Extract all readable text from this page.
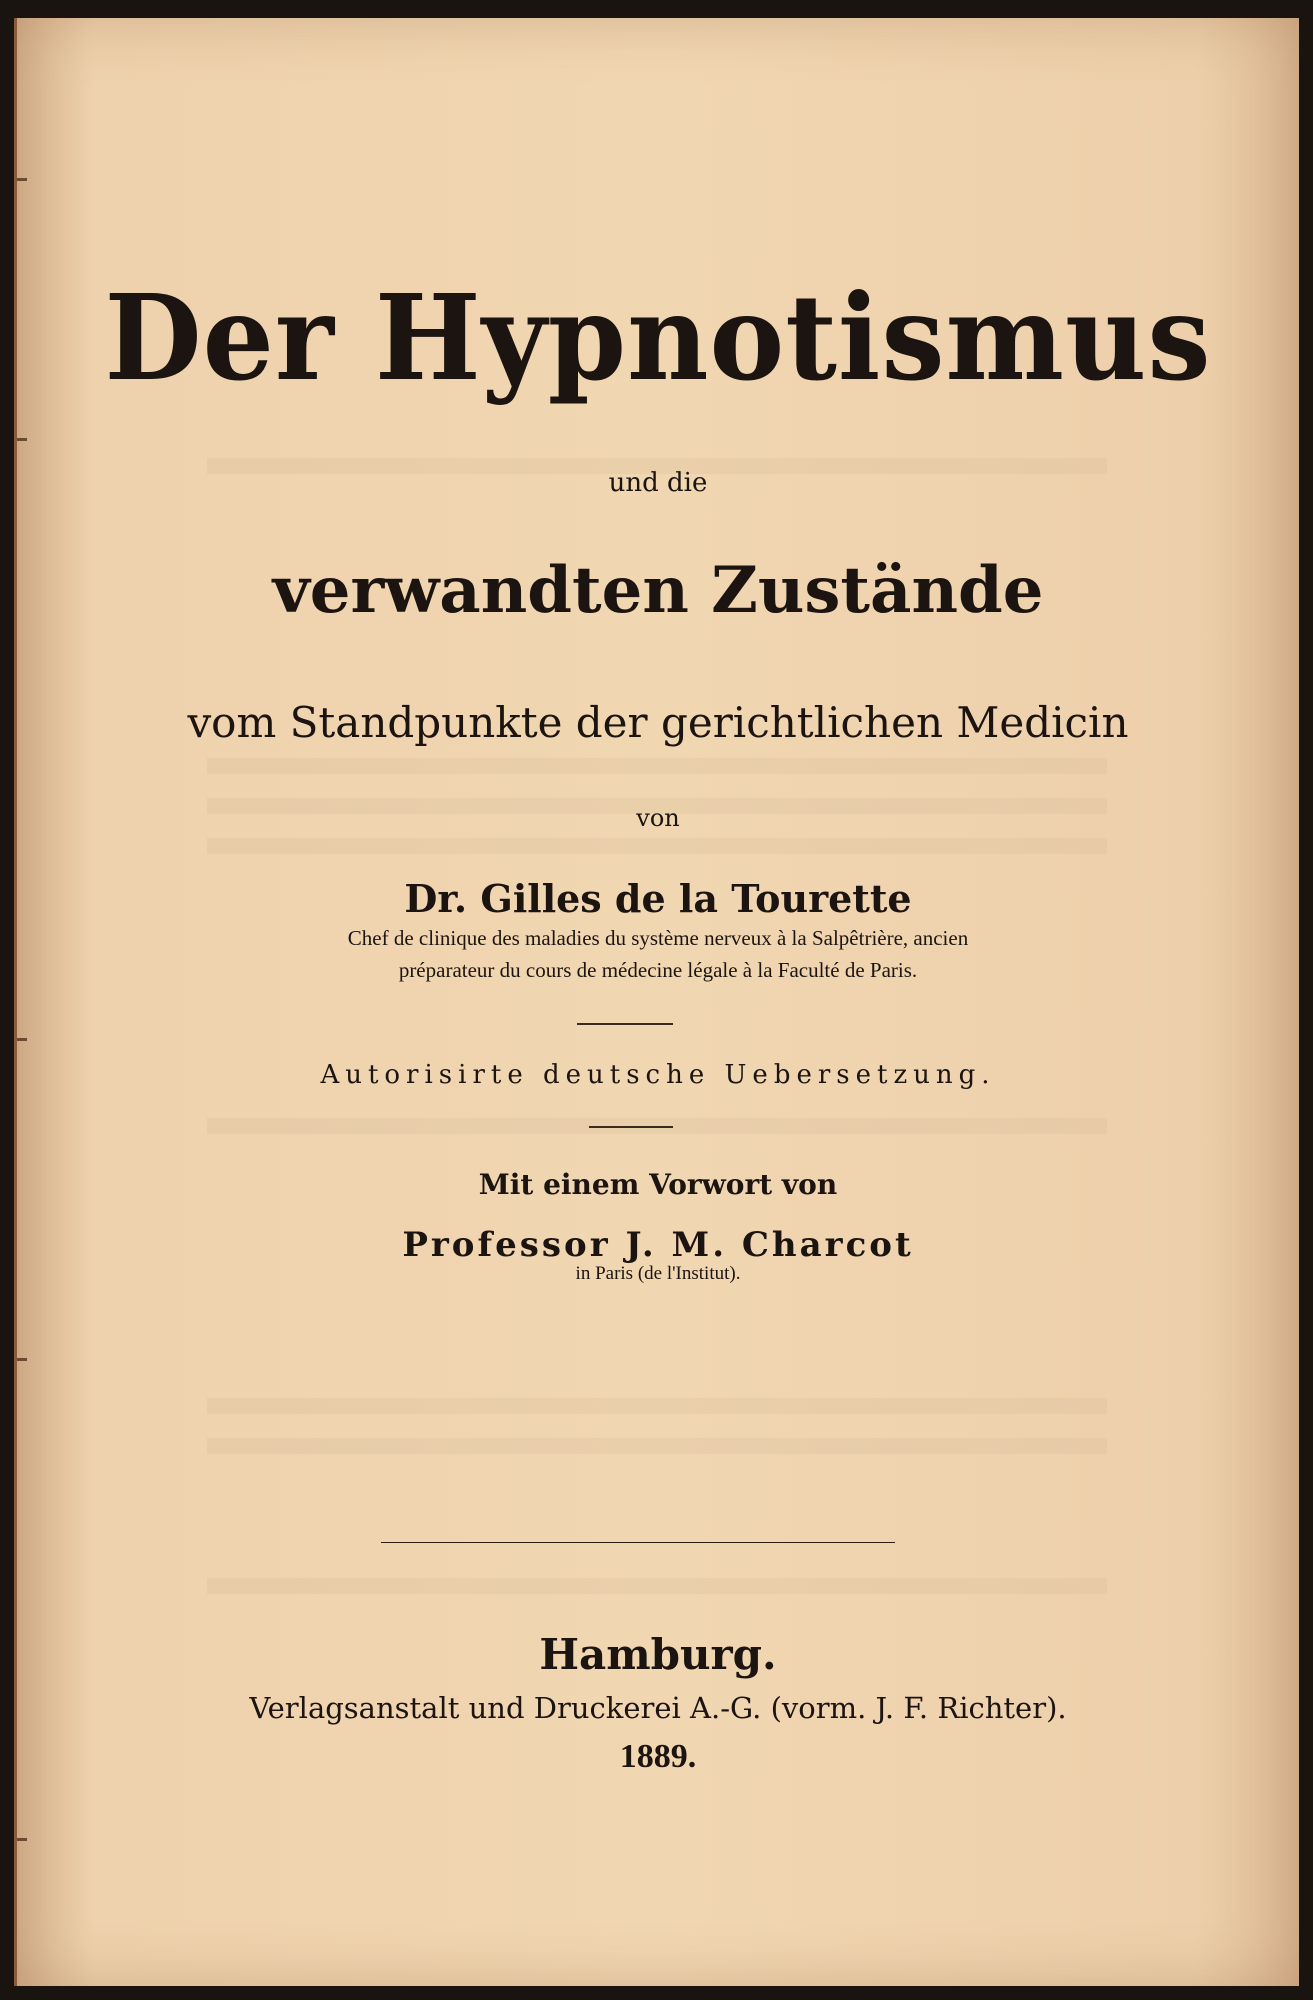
Der Hypnotismus
und die
verwandten Zustände
vom Standpunkte der gerichtlichen Medicin
von
Dr. Gilles de la Tourette
Chef de clinique des maladies du système nerveux à la Salpêtrière, ancien
préparateur du cours de médecine légale à la Faculté de Paris.
Autorisirte deutsche Uebersetzung.
Mit einem Vorwort von
Professor J. M. Charcot
in Paris (de l'Institut).
Hamburg.
Verlagsanstalt und Druckerei A.-G. (vorm. J. F. Richter).
1889.
